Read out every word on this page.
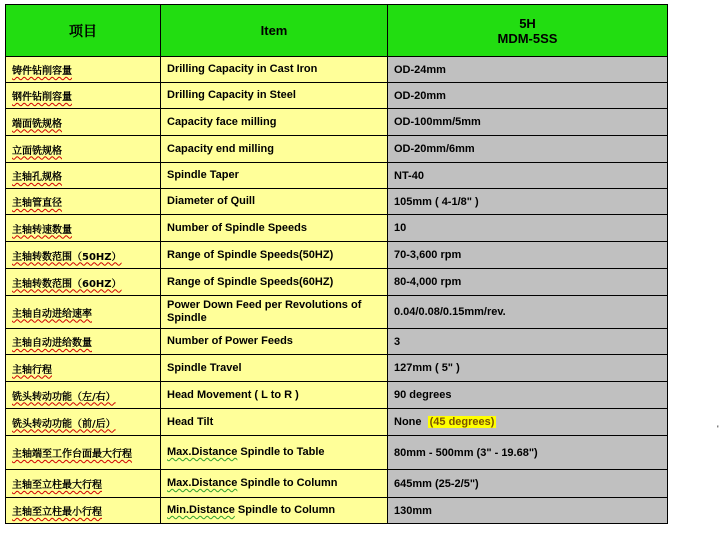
项目	Item	5H
MDM-5SS

铸件钻削容量	Drilling Capacity in Cast Iron	OD-24mm
钢件钻削容量	Drilling Capacity in Steel	OD-20mm
端面铣规格	Capacity face milling	OD-100mm/5mm
立面铣规格	Capacity end milling	OD-20mm/6mm
主轴孔规格	Spindle Taper	NT-40
主轴管直径	Diameter of Quill	105mm ( 4-1/8" )
主轴转速数量	Number of Spindle Speeds	10
主轴转数范围（50HZ）	Range of Spindle Speeds(50HZ)	70-3,600 rpm
主轴转数范围（60HZ）	Range of Spindle Speeds(60HZ)	80-4,000 rpm
主轴自动进给速率	Power Down Feed per Revolutions of Spindle	0.04/0.08/0.15mm/rev.
主轴自动进给数量	Number of Power Feeds	3
主轴行程	Spindle Travel	127mm ( 5" )
铣头转动功能（左/右）	Head Movement ( L to R )	90 degrees
铣头转动功能（前/后）	Head Tilt	None (45 degrees)
主轴端至工作台面最大行程	Max.Distance Spindle to Table	80mm - 500mm (3" - 19.68")
主轴至立柱最大行程	Max.Distance Spindle to Column	645mm (25-2/5")
主轴至立柱最小行程	Min.Distance Spindle to Column	130mm
'
